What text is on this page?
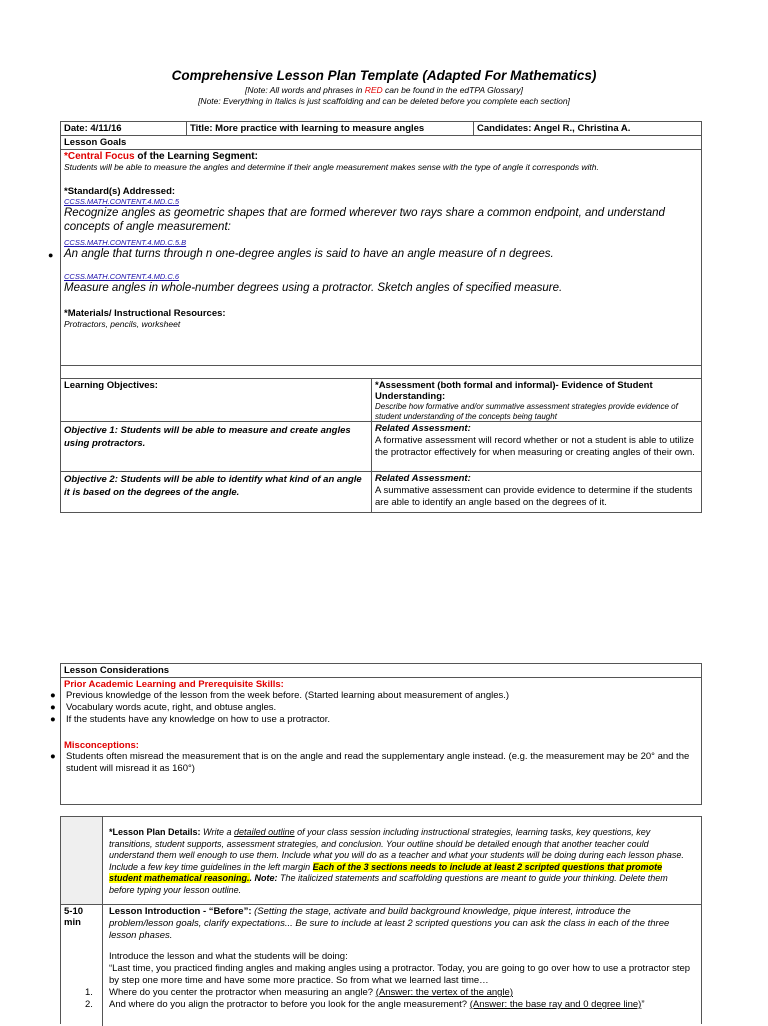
Comprehensive Lesson Plan Template (Adapted For Mathematics)
[Note: All words and phrases in RED can be found in the edTPA Glossary]
[Note: Everything in Italics is just scaffolding and can be deleted before you complete each section]
Date: 4/11/16	Title: More practice with learning to measure angles	Candidates: Angel R., Christina A.
Lesson Goals
*Central Focus of the Learning Segment:
Students will be able to measure the angles and determine if their angle measurement makes sense with the type of angle it corresponds with.
*Standard(s) Addressed:
CCSS.MATH.CONTENT.4.MD.C.5
Recognize angles as geometric shapes that are formed wherever two rays share a common endpoint, and understand concepts of angle measurement:
CCSS.MATH.CONTENT.4.MD.C.5.B
An angle that turns through n one-degree angles is said to have an angle measure of n degrees.
CCSS.MATH.CONTENT.4.MD.C.6
Measure angles in whole-number degrees using a protractor. Sketch angles of specified measure.
*Materials/ Instructional Resources:
Protractors, pencils, worksheet
Learning Objectives:	*Assessment (both formal and informal)- Evidence of Student Understanding:
Describe how formative and/or summative assessment strategies provide evidence of student understanding of the concepts being taught
Objective 1: Students will be able to measure and create angles using protractors.
Related Assessment:
A formative assessment will record whether or not a student is able to utilize the protractor effectively for when measuring or creating angles of their own.
Objective 2: Students will be able to identify what kind of an angle it is based on the degrees of the angle.
Related Assessment:
A summative assessment can provide evidence to determine if the students are able to identify an angle based on the degrees of it.
●
Lesson Considerations
Prior Academic Learning and Prerequisite Skills:
● Previous knowledge of the lesson from the week before. (Started learning about measurement of angles.)
● Vocabulary words acute, right, and obtuse angles.
● If the students have any knowledge on how to use a protractor.
Misconceptions:
● Students often misread the measurement that is on the angle and read the supplementary angle instead. (e.g. the measurement may be 20° and the student will misread it as 160°)
*Lesson Plan Details: Write a detailed outline of your class session including instructional strategies, learning tasks, key questions, key transitions, student supports, assessment strategies, and conclusion. Your outline should be detailed enough that another teacher could understand them well enough to use them. Include what you will do as a teacher and what your students will be doing during each lesson phase. Include a few key time guidelines in the left margin Each of the 3 sections needs to include at least 2 scripted questions that promote student mathematical reasoning.. Note: The italicized statements and scaffolding questions are meant to guide your thinking. Delete them before typing your lesson outline.
5-10 min
Lesson Introduction - “Before”: (Setting the stage, activate and build background knowledge, pique interest, introduce the problem/lesson goals, clarify expectations... Be sure to include at least 2 scripted questions you can ask the class in each of the three lesson phases.
Introduce the lesson and what the students will be doing:
“Last time, you practiced finding angles and making angles using a protractor. Today, you are going to go over how to use a protractor step by step one more time and have some more practice. So from what we learned last time…
1. Where do you center the protractor when measuring an angle? (Answer: the vertex of the angle)
2. And where do you align the protractor to before you look for the angle measurement? (Answer: the base ray and 0 degree line)”
